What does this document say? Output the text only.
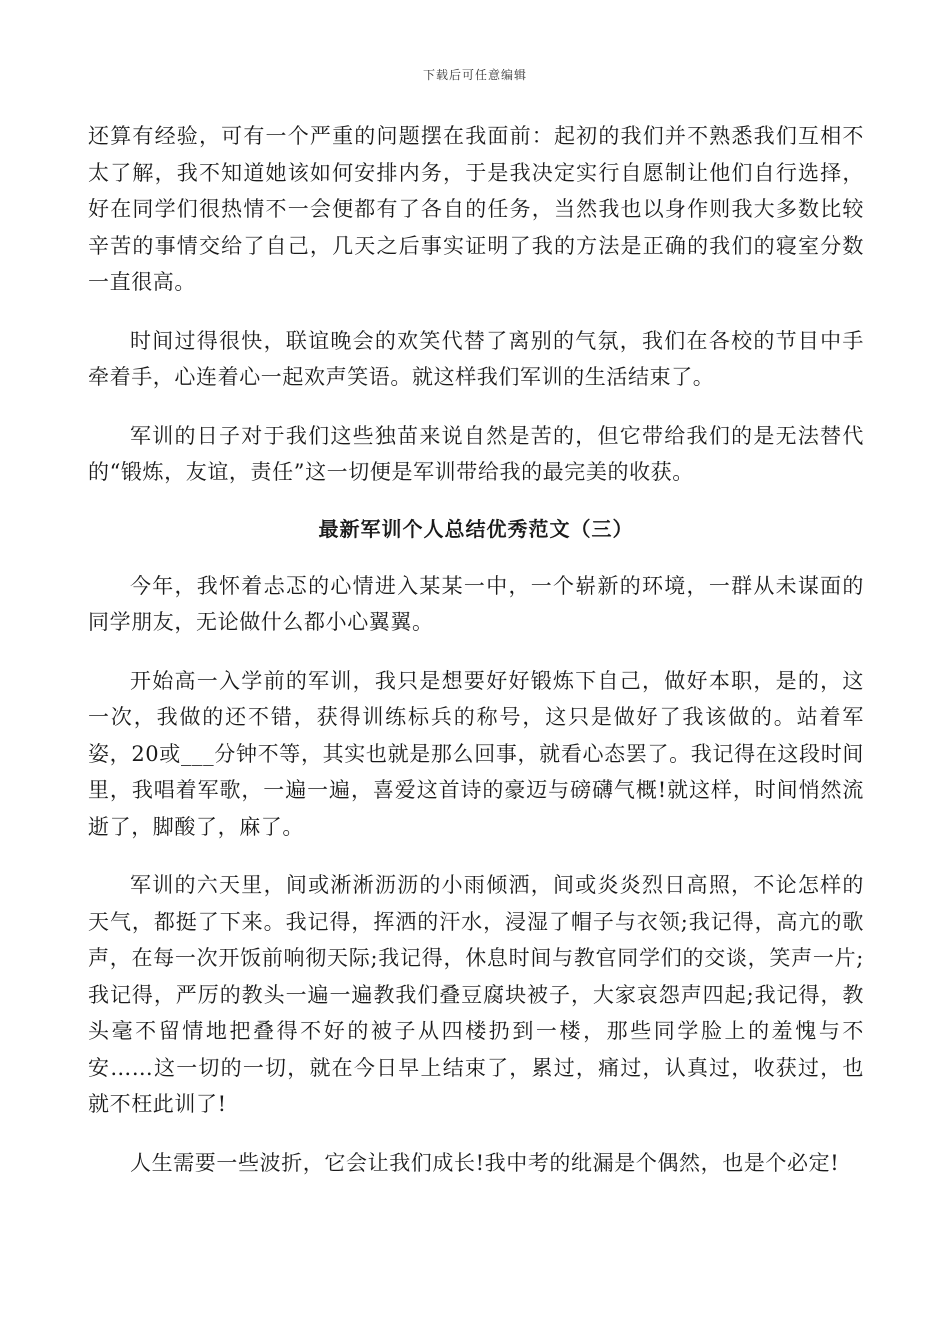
下载后可任意编辑

还算有经验，可有一个严重的问题摆在我面前：起初的我们并不熟悉我们互相不太了解，我不知道她该如何安排内务，于是我决定实行自愿制让他们自行选择，好在同学们很热情不一会便都有了各自的任务，当然我也以身作则我大多数比较辛苦的事情交给了自己，几天之后事实证明了我的方法是正确的我们的寝室分数一直很高。

时间过得很快，联谊晚会的欢笑代替了离别的气氛，我们在各校的节目中手牵着手，心连着心一起欢声笑语。就这样我们军训的生活结束了。

军训的日子对于我们这些独苗来说自然是苦的，但它带给我们的是无法替代的“锻炼，友谊，责任”这一切便是军训带给我的最完美的收获。

最新军训个人总结优秀范文（三）

今年，我怀着忐忑的心情进入某某一中，一个崭新的环境，一群从未谋面的同学朋友，无论做什么都小心翼翼。

开始高一入学前的军训，我只是想要好好锻炼下自己，做好本职，是的，这一次，我做的还不错，获得训练标兵的称号，这只是做好了我该做的。站着军姿，20或___分钟不等，其实也就是那么回事，就看心态罢了。我记得在这段时间里，我唱着军歌，一遍一遍，喜爱这首诗的豪迈与磅礴气概!就这样，时间悄然流逝了，脚酸了，麻了。

军训的六天里，间或淅淅沥沥的小雨倾洒，间或炎炎烈日高照，不论怎样的天气，都挺了下来。我记得，挥洒的汗水，浸湿了帽子与衣领;我记得，高亢的歌声，在每一次开饭前响彻天际;我记得，休息时间与教官同学们的交谈，笑声一片;我记得，严厉的教头一遍一遍教我们叠豆腐块被子，大家哀怨声四起;我记得，教头毫不留情地把叠得不好的被子从四楼扔到一楼，那些同学脸上的羞愧与不安……这一切的一切，就在今日早上结束了，累过，痛过，认真过，收获过，也就不枉此训了!

人生需要一些波折，它会让我们成长!我中考的纰漏是个偶然，也是个必定!
